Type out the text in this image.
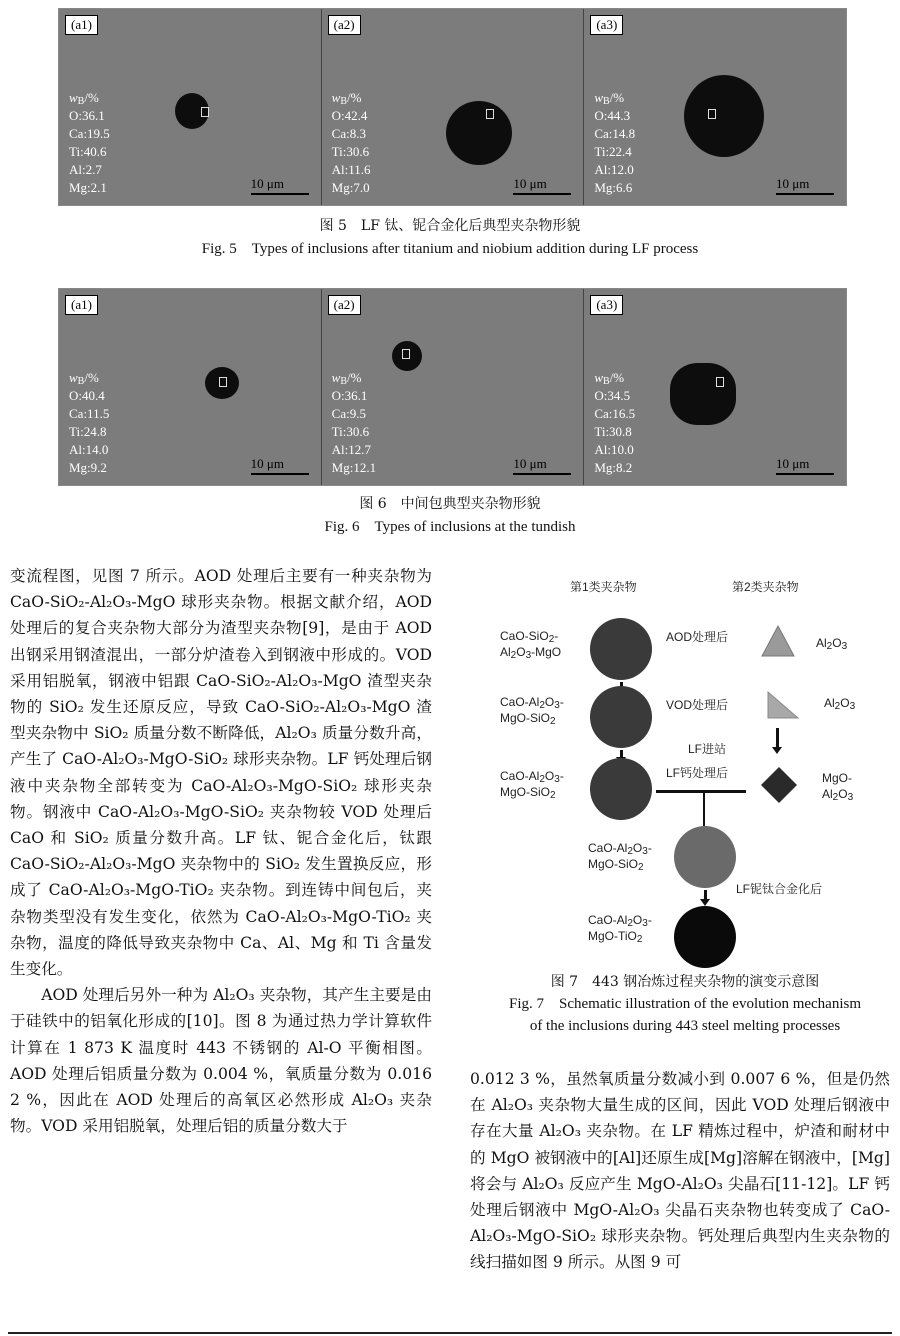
(a1)
$w_B/\%$
O:36.1
Ca:19.5
Ti:40.6
Al:2.7
Mg:2.1	10 μm
(a2)
$w_B/\%$
O:42.4
Ca:8.3
Ti:30.6
Al:11.6
Mg:7.0	10 μm
(a3)
$w_B/\%$
O:44.3
Ca:14.8
Ti:22.4
Al:12.0
Mg:6.6	10 μm
图 5　LF 钛、铌合金化后典型夹杂物形貌
Fig. 5　Types of inclusions after titanium and niobium addition during LF process
(a1)
$w_B/\%$
O:40.4
Ca:11.5
Ti:24.8
Al:14.0
Mg:9.2	10 μm
(a2)
$w_B/\%$
O:36.1
Ca:9.5
Ti:30.6
Al:12.7
Mg:12.1	10 μm
(a3)
$w_B/\%$
O:34.5
Ca:16.5
Ti:30.8
Al:10.0
Mg:8.2	10 μm
图 6　中间包典型夹杂物形貌
Fig. 6　Types of inclusions at the tundish

变流程图，见图 7 所示。AOD 处理后主要有一种夹杂物为 CaO-SiO₂-Al₂O₃-MgO 球形夹杂物。根据文献介绍，AOD 处理后的复合夹杂物大部分为渣型夹杂物[9]，是由于 AOD 出钢采用钢渣混出，一部分炉渣卷入到钢液中形成的。VOD 采用铝脱氧，钢液中铝跟 CaO-SiO₂-Al₂O₃-MgO 渣型夹杂物的 SiO₂ 发生还原反应，导致 CaO-SiO₂-Al₂O₃-MgO 渣型夹杂物中 SiO₂ 质量分数不断降低，Al₂O₃ 质量分数升高，产生了 CaO-Al₂O₃-MgO-SiO₂ 球形夹杂物。LF 钙处理后钢液中夹杂物全部转变为 CaO-Al₂O₃-MgO-SiO₂ 球形夹杂物。钢液中 CaO-Al₂O₃-MgO-SiO₂ 夹杂物较 VOD 处理后 CaO 和 SiO₂ 质量分数升高。LF 钛、铌合金化后，钛跟 CaO-SiO₂-Al₂O₃-MgO 夹杂物中的 SiO₂ 发生置换反应，形成了 CaO-Al₂O₃-MgO-TiO₂ 夹杂物。到连铸中间包后，夹杂物类型没有发生变化，依然为 CaO-Al₂O₃-MgO-TiO₂ 夹杂物，温度的降低导致夹杂物中 Ca、Al、Mg 和 Ti 含量发生变化。

AOD 处理后另外一种为 Al₂O₃ 夹杂物，其产生主要是由于硅铁中的铝氧化形成的[10]。图 8 为通过热力学计算软件计算在 1 873 K 温度时 443 不锈钢的 Al-O 平衡相图。AOD 处理后铝质量分数为 0.004 %，氧质量分数为 0.016 2 %，因此在 AOD 处理后的高氧区必然形成 Al₂O₃ 夹杂物。VOD 采用铝脱氧，处理后铝的质量分数大于

第1类夹杂物	第2类夹杂物
CaO-SiO$_2$-
$Al_2O_3$-MgO
AOD处理后	$Al_2O_3$
CaO-$Al_2O_3-$
MgO-SiO$_2$
VOD处理后	$Al_2O_3$
LF进站
CaO-$Al_2O_3-$
MgO-SiO$_2$
LF钙处理后	MgO-
$Al_2O_3$
CaO-$Al_2O_3-$
MgO-SiO$_2$
LF铌钛合金化后
CaO-$Al_2O_3-$
MgO-TiO$_2$
图 7　443 钢冶炼过程夹杂物的演变示意图
Fig. 7　Schematic illustration of the evolution mechanism
of the inclusions during 443 steel melting processes

0.012 3 %，虽然氧质量分数减小到 0.007 6 %，但是仍然在 Al₂O₃ 夹杂物大量生成的区间，因此 VOD 处理后钢液中存在大量 Al₂O₃ 夹杂物。在 LF 精炼过程中，炉渣和耐材中的 MgO 被钢液中的[Al]还原生成[Mg]溶解在钢液中，[Mg]将会与 Al₂O₃ 反应产生 MgO-Al₂O₃ 尖晶石[11-12]。LF 钙处理后钢液中 MgO-Al₂O₃ 尖晶石夹杂物也转变成了 CaO-Al₂O₃-MgO-SiO₂ 球形夹杂物。钙处理后典型内生夹杂物的线扫描如图 9 所示。从图 9 可
